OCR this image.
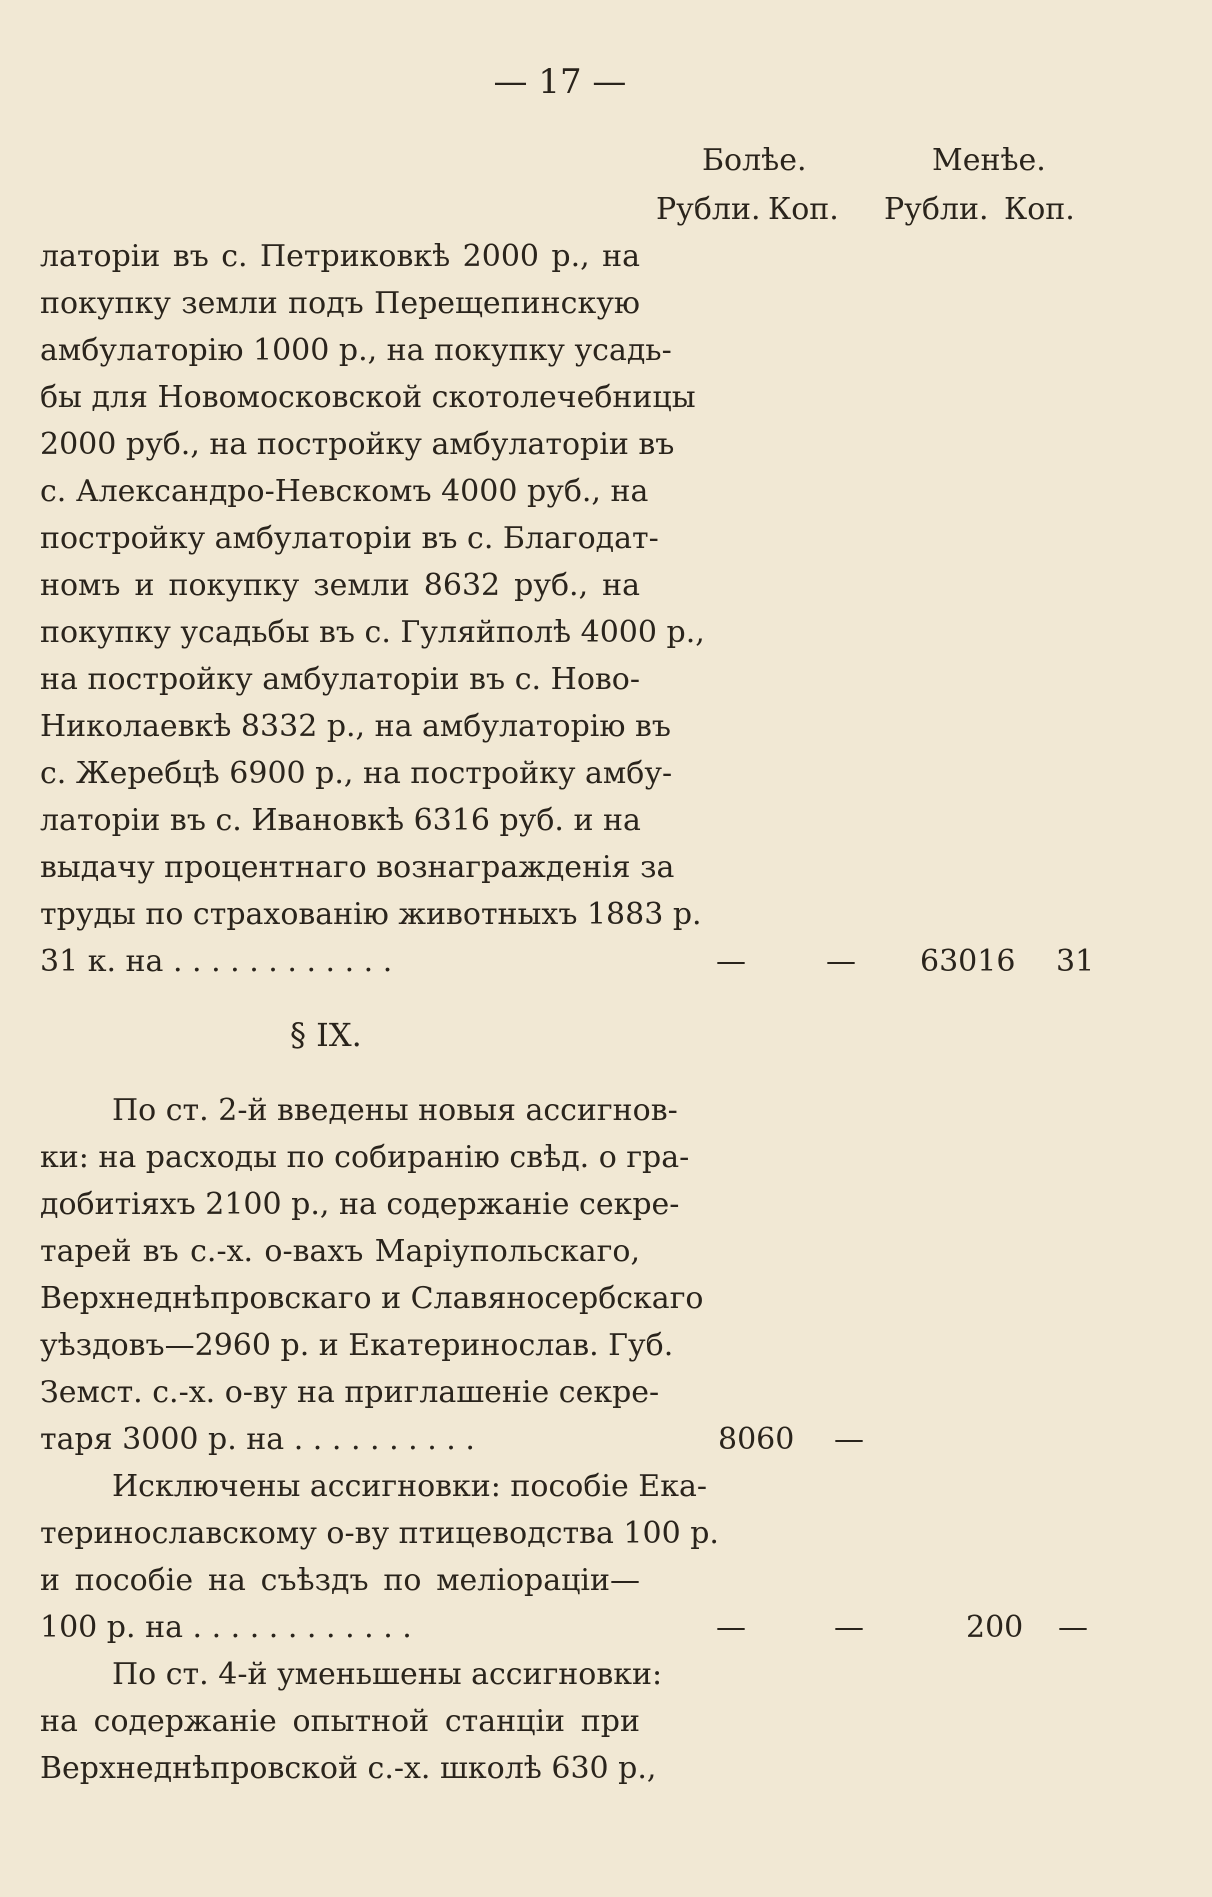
— 17 —
Болѣе.	Менѣе.
Рубли. Коп. Рубли. Коп.
латоріи въ с. Петриковкѣ 2000 р., на
покупку земли подъ Перещепинскую
амбулаторію 1000 р., на покупку усадь-
бы для Новомосковской скотолечебницы
2000 руб., на постройку амбулаторіи въ
с. Александро-Невскомъ 4000 руб., на
постройку амбулаторіи въ с. Благодат-
номъ и покупку земли 8632 руб., на
покупку усадьбы въ с. Гуляйполѣ 4000 р.,
на постройку амбулаторіи въ с. Ново-
Николаевкѣ 8332 р., на амбулаторію въ
с. Жеребцѣ 6900 р., на постройку амбу-
латоріи въ с. Ивановкѣ 6316 руб. и на
выдачу процентнаго вознагражденія за
труды по страхованію животныхъ 1883 р.
31 к. на . . . . . . . . . . . .	—	— 63016 31
§ IX.
По ст. 2-й введены новыя ассигнов-
ки: на расходы по собиранію свѣд. о гра-
добитіяхъ 2100 р., на содержаніе секре-
тарей въ с.-х. о-вахъ Маріупольскаго,
Верхнеднѣпровскаго и Славяносербскаго
уѣздовъ—2960 р. и Екатеринослав. Губ.
Земст. с.-х. о-ву на приглашеніе секре-
таря 3000 р. на . . . . . . . . . .	8060 —
Исключены ассигновки: пособіе Ека-
теринославскому о-ву птицеводства 100 р.
и пособіе на съѣздъ по мелioраціи—
100 р. на . . . . . . . . . . . .	—	—	200 —
По ст. 4-й уменьшены ассигновки:
на содержаніе опытной станціи при
Верхнеднѣпровской с.-х. школѣ 630 р.,
